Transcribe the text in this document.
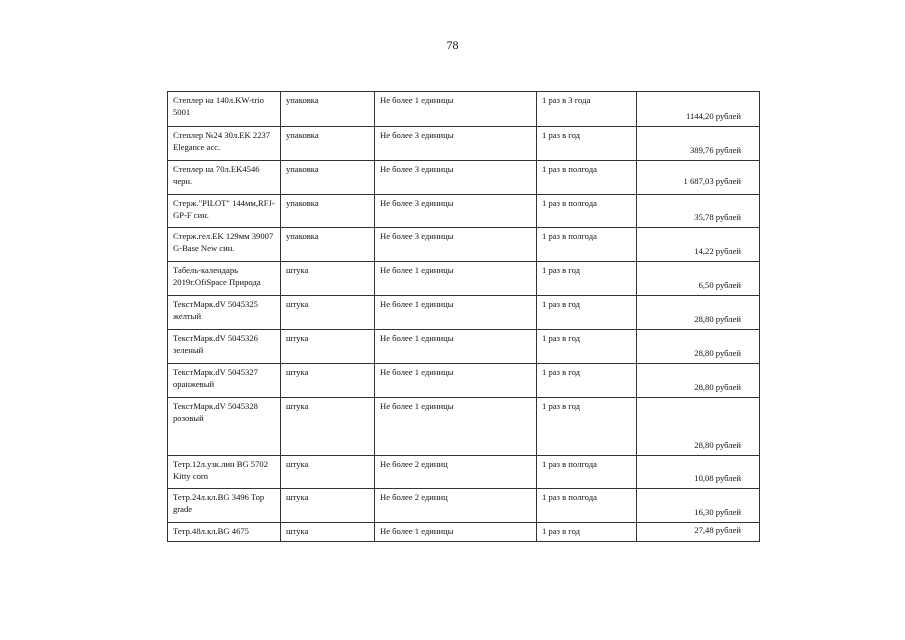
78
Степлер на 140л.KW-trio 5001	упаковка	Не более 1 единицы	1 раз в 3 года	1144,20 рублей
Степлер №24 30л.EK 2237 Elegance асс.	упаковка	Не более 3 единицы	1 раз в год	389,76 рублей
Степлер на 70л.EK4546 черн.	упаковка	Не более 3 единицы	1 раз в полгода	1 687,03 рублей
Стерж."PILOT" 144мм,RFJ-GP-F син.	упаковка	Не более 3 единицы	1 раз в полгода	35,78 рублей
Стерж.гел.EK 129мм 39007 G-Base New син.	упаковка	Не более 3 единицы	1 раз в полгода	14,22 рублей
Табель-календарь 2019г.OfiSpace Природа	штука	Не более 1 единицы	1 раз в год	6,50 рублей
ТекстМарк.dV 5045325 желтый	штука	Не более 1 единицы	1 раз в год	28,80 рублей
ТекстМарк.dV 5045326 зеленый	штука	Не более 1 единицы	1 раз в год	28,80 рублей
ТекстМарк.dV 5045327 оранжевый	штука	Не более 1 единицы	1 раз в год	28,80 рублей
ТекстМарк.dV 5045328 розовый	штука	Не более 1 единицы	1 раз в год	28,80 рублей
Тетр.12л.узк.лин BG 5702 Kitty corn	штука	Не более 2 единиц	1 раз в полгода	10,08 рублей
Тетр.24л.кл.BG 3496 Top grade	штука	Не более 2 единиц	1 раз в полгода	16,30 рублей
Тетр.48л.кл.BG 4675	штука	Не более 1 единицы	1 раз в год	27,48 рублей
